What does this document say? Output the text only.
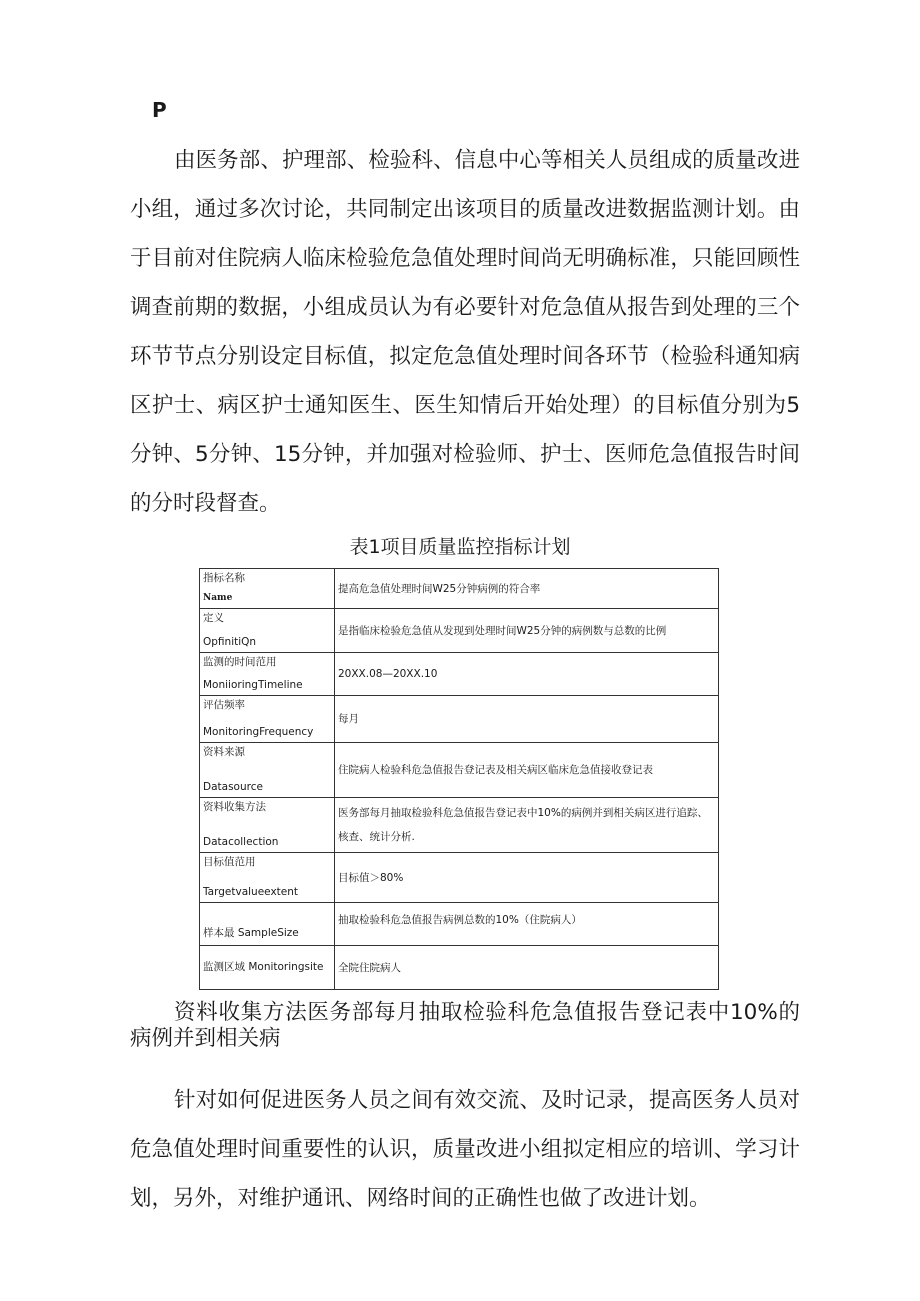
P

由医务部、护理部、检验科、信息中心等相关人员组成的质量改进小组，通过多次讨论，共同制定出该项目的质量改进数据监测计划。由于目前对住院病人临床检验危急值处理时间尚无明确标准，只能回顾性调查前期的数据，小组成员认为有必要针对危急值从报告到处理的三个环节节点分别设定目标值，拟定危急值处理时间各环节（检验科通知病区护士、病区护士通知医生、医生知情后开始处理）的目标值分别为5分钟、5分钟、15分钟，并加强对检验师、护士、医师危急值报告时间的分时段督查。

表1项目质量监控指标计划
指标名称
Name	提高危急值处理时间W25分钟病例的符合率

定义
OpfinitiQn	是指临床检验危急值从发现到处理时间W25分钟的病例数与总数的比例

监测的时间范用
MoniioringTimeline	20XX.08—20XX.10

评估频率
MonitoringFrequency	每月

资料来源
Datasource	住院病人检验科危急值报告登记表及相关病区临床危急值接收登记表

资料收集方法
Datacollection	医务部每月抽取检验科危急值报告登记表中10%的病例并到相关病区进行追踪、核查、统计分析.

目标值范用
Targetvalueextent	目标值＞80%

样本最 SampleSize	抽取检验科危急值报告病例总数的10%（住院病人）

监测区域 Monitoringsite	全院住院病人

资料收集方法医务部每月抽取检验科危急值报告登记表中10%的病例并到相关病

针对如何促进医务人员之间有效交流、及时记录，提高医务人员对危急值处理时间重要性的认识，质量改进小组拟定相应的培训、学习计划，另外，对维护通讯、网络时间的正确性也做了改进计划。
